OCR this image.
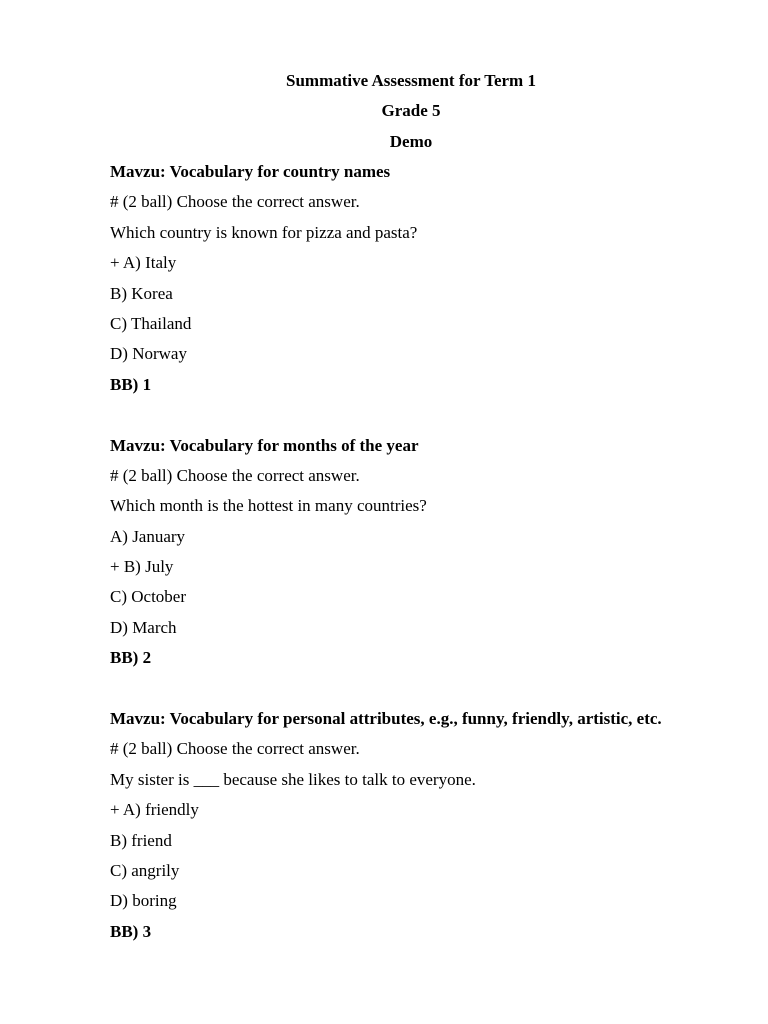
Summative Assessment for Term 1
Grade 5
Demo
Mavzu: Vocabulary for country names
# (2 ball) Choose the correct answer.
Which country is known for pizza and pasta?
+ A) Italy
B) Korea
C) Thailand
D) Norway
BB) 1
Mavzu: Vocabulary for months of the year
# (2 ball) Choose the correct answer.
Which month is the hottest in many countries?
A) January
+ B) July
C) October
D) March
BB) 2
Mavzu: Vocabulary for personal attributes, e.g., funny, friendly, artistic, etc.
# (2 ball) Choose the correct answer.
My sister is ___ because she likes to talk to everyone.
+ A) friendly
B) friend
C) angrily
D) boring
BB) 3
